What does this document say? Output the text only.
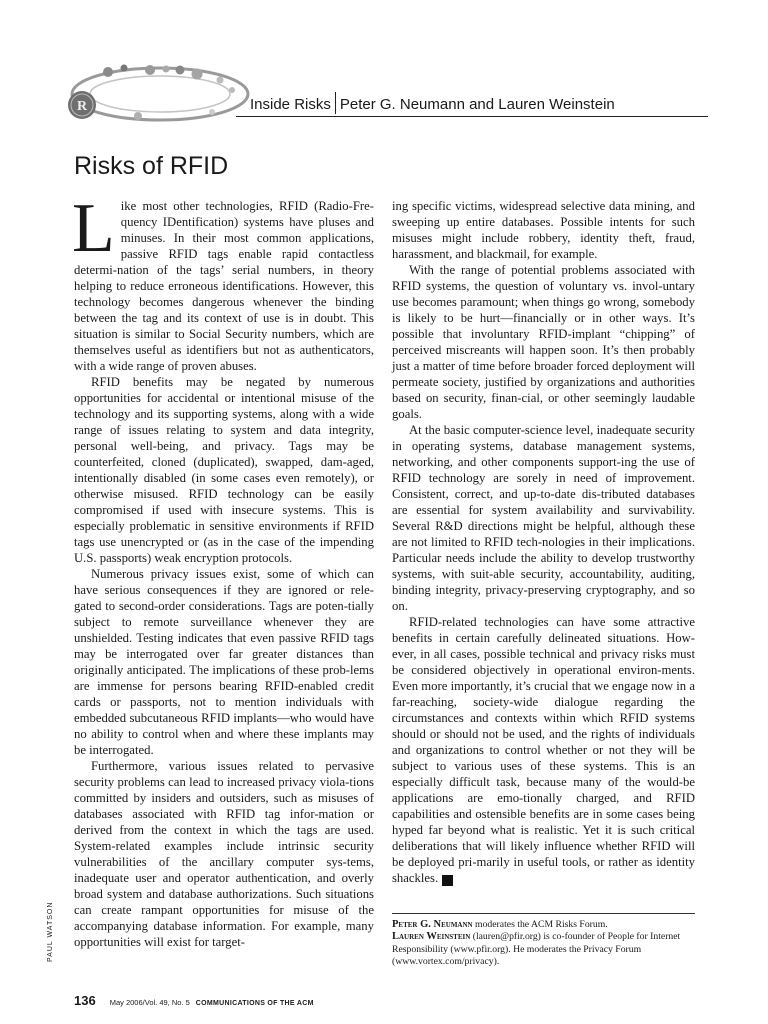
R	Inside Risks Peter G. Neumann and Lauren Weinstein
Risks of RFID

Like most other technologies, RFID (Radio-Fre-quency IDentification) systems have pluses and minuses. In their most common applications, passive RFID tags enable rapid contactless determi-nation of the tags’ serial numbers, in theory helping to reduce erroneous identifications. However, this technology becomes dangerous whenever the binding between the tag and its context of use is in doubt. This situation is similar to Social Security numbers, which are themselves useful as identifiers but not as authenticators, with a wide range of proven abuses.

RFID benefits may be negated by numerous opportunities for accidental or intentional misuse of the technology and its supporting systems, along with a wide range of issues relating to system and data integrity, personal well-being, and privacy. Tags may be counterfeited, cloned (duplicated), swapped, dam-aged, intentionally disabled (in some cases even remotely), or otherwise misused. RFID technology can be easily compromised if used with insecure systems. This is especially problematic in sensitive environments if RFID tags use unencrypted or (as in the case of the impending U.S. passports) weak encryption protocols.

Numerous privacy issues exist, some of which can have serious consequences if they are ignored or rele-gated to second-order considerations. Tags are poten-tially subject to remote surveillance whenever they are unshielded. Testing indicates that even passive RFID tags may be interrogated over far greater distances than originally anticipated. The implications of these prob-lems are immense for persons bearing RFID-enabled credit cards or passports, not to mention individuals with embedded subcutaneous RFID implants—who would have no ability to control when and where these implants may be interrogated.

Furthermore, various issues related to pervasive security problems can lead to increased privacy viola-tions committed by insiders and outsiders, such as misuses of databases associated with RFID tag infor-mation or derived from the context in which the tags are used. System-related examples include intrinsic security vulnerabilities of the ancillary computer sys-tems, inadequate user and operator authentication, and overly broad system and database authorizations. Such situations can create rampant opportunities for misuse of the accompanying database information. For example, many opportunities will exist for target-

ing specific victims, widespread selective data mining, and sweeping up entire databases. Possible intents for such misuses might include robbery, identity theft, fraud, harassment, and blackmail, for example.

With the range of potential problems associated with RFID systems, the question of voluntary vs. invol-untary use becomes paramount; when things go wrong, somebody is likely to be hurt—financially or in other ways. It’s possible that involuntary RFID-implant “chipping” of perceived miscreants will happen soon. It’s then probably just a matter of time before broader forced deployment will permeate society, justified by organizations and authorities based on security, finan-cial, or other seemingly laudable goals.

At the basic computer-science level, inadequate security in operating systems, database management systems, networking, and other components support-ing the use of RFID technology are sorely in need of improvement. Consistent, correct, and up-to-date dis-tributed databases are essential for system availability and survivability. Several R&D directions might be helpful, although these are not limited to RFID tech-nologies in their implications. Particular needs include the ability to develop trustworthy systems, with suit-able security, accountability, auditing, binding integrity, privacy-preserving cryptography, and so on.

RFID-related technologies can have some attractive benefits in certain carefully delineated situations. How-ever, in all cases, possible technical and privacy risks must be considered objectively in operational environ-ments. Even more importantly, it’s crucial that we engage now in a far-reaching, society-wide dialogue regarding the circumstances and contexts within which RFID systems should or should not be used, and the rights of individuals and organizations to control whether or not they will be subject to various uses of these systems. This is an especially difficult task, because many of the would-be applications are emo-tionally charged, and RFID capabilities and ostensible benefits are in some cases being hyped far beyond what is realistic. Yet it is such critical deliberations that will likely influence whether RFID will be deployed pri-marily in useful tools, or rather as identity shackles. C

Peter G. Neumann moderates the ACM Risks Forum.

Lauren Weinstein (lauren@pfir.org) is co-founder of People for Internet Responsibility (www.pfir.org). He moderates the Privacy Forum (www.vortex.com/privacy).

PAUL WATSON
136 May 2006/Vol. 49, No. 5 COMMUNICATIONS OF THE ACM
